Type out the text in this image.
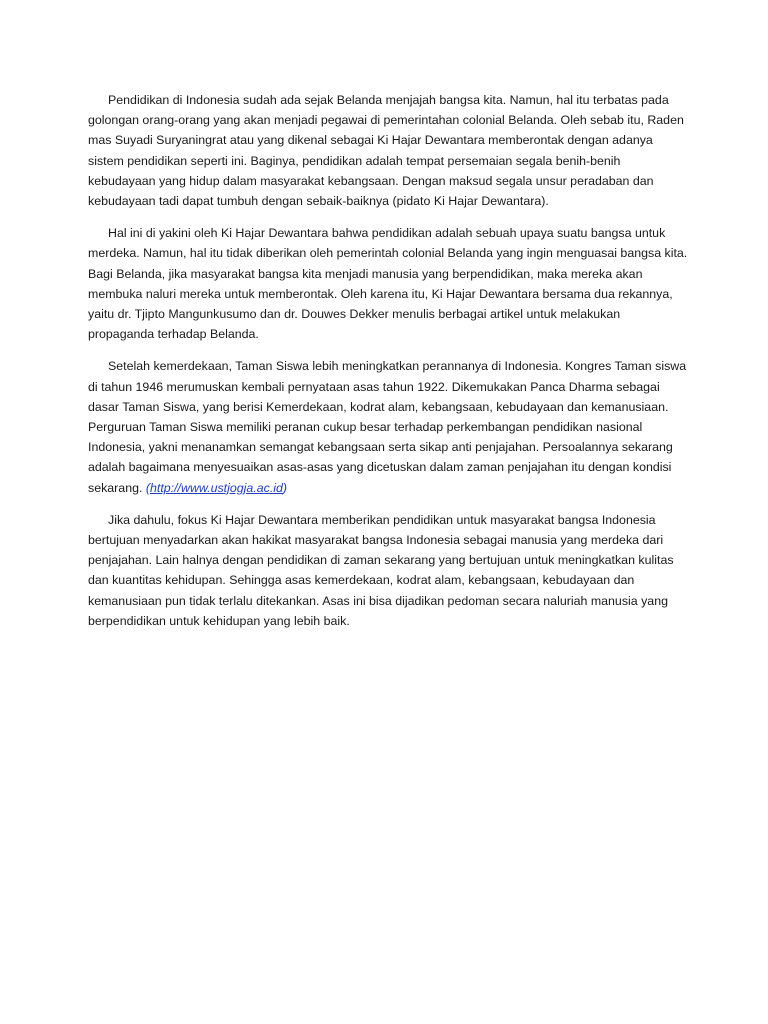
Pendidikan di Indonesia sudah ada sejak Belanda menjajah bangsa kita. Namun, hal itu terbatas pada golongan orang-orang yang akan menjadi pegawai di pemerintahan colonial Belanda. Oleh sebab itu, Raden mas Suyadi Suryaningrat atau yang dikenal sebagai Ki Hajar Dewantara memberontak dengan adanya sistem pendidikan seperti ini. Baginya, pendidikan adalah tempat persemaian segala benih-benih kebudayaan yang hidup dalam masyarakat kebangsaan. Dengan maksud segala unsur peradaban dan kebudayaan tadi dapat tumbuh dengan sebaik-baiknya (pidato Ki Hajar Dewantara).

Hal ini di yakini oleh Ki Hajar Dewantara bahwa pendidikan adalah sebuah upaya suatu bangsa untuk merdeka. Namun, hal itu tidak diberikan oleh pemerintah colonial Belanda yang ingin menguasai bangsa kita. Bagi Belanda, jika masyarakat bangsa kita menjadi manusia yang berpendidikan, maka mereka akan membuka naluri mereka untuk memberontak. Oleh karena itu, Ki Hajar Dewantara bersama dua rekannya, yaitu dr. Tjipto Mangunkusumo dan dr. Douwes Dekker menulis berbagai artikel untuk melakukan propaganda terhadap Belanda.

Setelah kemerdekaan, Taman Siswa lebih meningkatkan perannanya di Indonesia. Kongres Taman siswa di tahun 1946 merumuskan kembali pernyataan asas tahun 1922. Dikemukakan Panca Dharma sebagai dasar Taman Siswa, yang berisi Kemerdekaan, kodrat alam, kebangsaan, kebudayaan dan kemanusiaan. Perguruan Taman Siswa memiliki peranan cukup besar terhadap perkembangan pendidikan nasional Indonesia, yakni menanamkan semangat kebangsaan serta sikap anti penjajahan. Persoalannya sekarang adalah bagaimana menyesuaikan asas-asas yang dicetuskan dalam zaman penjajahan itu dengan kondisi sekarang. (http://www.ustjogja.ac.id)

Jika dahulu, fokus Ki Hajar Dewantara memberikan pendidikan untuk masyarakat bangsa Indonesia bertujuan menyadarkan akan hakikat masyarakat bangsa Indonesia sebagai manusia yang merdeka dari penjajahan. Lain halnya dengan pendidikan di zaman sekarang yang bertujuan untuk meningkatkan kulitas dan kuantitas kehidupan. Sehingga asas kemerdekaan, kodrat alam, kebangsaan, kebudayaan dan kemanusiaan pun tidak terlalu ditekankan. Asas ini bisa dijadikan pedoman secara naluriah manusia yang berpendidikan untuk kehidupan yang lebih baik.
